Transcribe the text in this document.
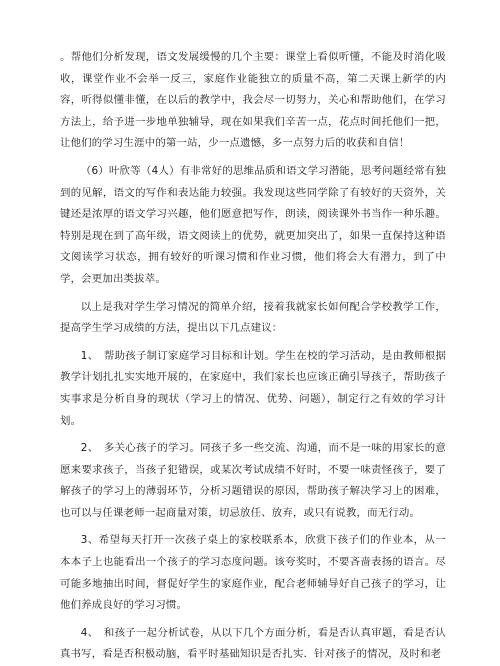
。帮他们分析发现，语文发展缓慢的几个主要：课堂上看似听懂，不能及时消化吸收，课堂作业不会举一反三，家庭作业能独立的质量不高，第二天课上新学的内容，听得似懂非懂，在以后的教学中，我会尽一切努力，关心和帮助他们，在学习方法上，给予进一步地单独辅导，现在如果我们辛苦一点，花点时间托他们一把，让他们的学习生涯中的第一站，少一点遗憾，多一点努力后的收获和自信！

（6）叶欣等（4人）有非常好的思维品质和语文学习潜能，思考问题经常有独到的见解，语文的写作和表达能力较强。我发现这些同学除了有较好的天资外，关键还是浓厚的语文学习兴趣，他们愿意把写作，朗读，阅读课外书当作一种乐趣。特别是现在到了高年级，语文阅读上的优势，就更加突出了，如果一直保持这种语文阅读学习状态，拥有较好的听课习惯和作业习惯，他们将会大有潜力，到了中学，会更加出类拔萃。

以上是我对学生学习情况的简单介绍，接着我就家长如何配合学校教学工作，提高学生学习成绩的方法，提出以下几点建议：

1、　帮助孩子制订家庭学习目标和计划。学生在校的学习活动，是由教师根据教学计划扎扎实实地开展的，在家庭中，我们家长也应该正确引导孩子，帮助孩子实事求是分析自身的现状（学习上的情况、优势、问题），制定行之有效的学习计划。

2、　多关心孩子的学习。同孩子多一些交流、沟通，而不是一味的用家长的意愿来要求孩子，当孩子犯错误，或某次考试成绩不好时，不要一味责怪孩子，要了解孩子的学习上的薄弱环节，分析习题错误的原因，帮助孩子解决学习上的困难，也可以与任课老师一起商量对策，切忌放任、放弃，或只有说教，而无行动。

3、希望每天打开一次孩子桌上的家校联系本，欣赏下孩子们的作业本，从一本本子上也能看出一个孩子的学习态度问题。该夸奖时，不要吝啬表扬的语言。尽可能多地抽出时间，督促好学生的家庭作业，配合老师辅导好自己孩子的学习，让他们养成良好的学习习惯。

4、　和孩子一起分析试卷，从以下几个方面分析，看是否认真审题，看是否认真书写，看是否积极动脑，看平时基础知识是否扎实．针对孩子的情况，及时和老
